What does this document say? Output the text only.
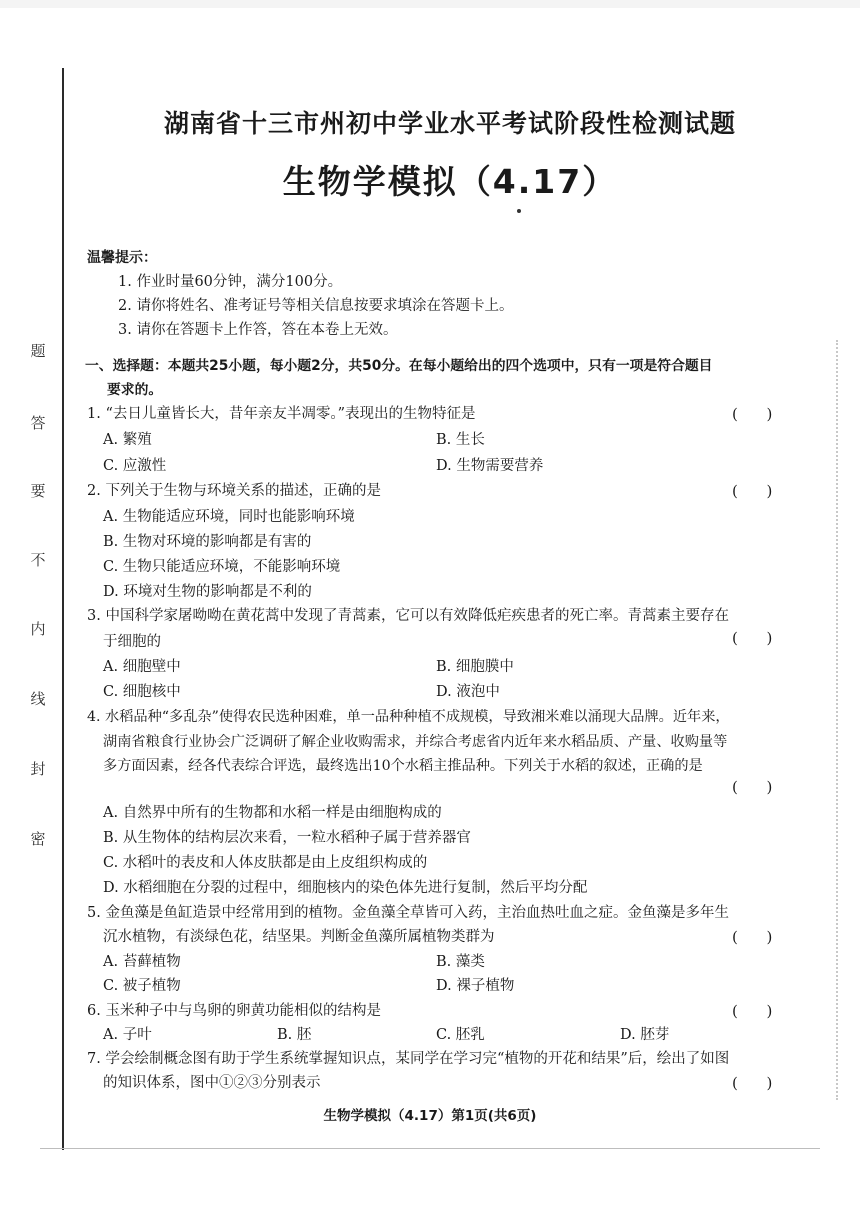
题
答
要
不
内
线
封
密
湖南省十三市州初中学业水平考试阶段性检测试题
生物学模拟（4.17）
温馨提示：
1. 作业时量60分钟，满分100分。
2. 请你将姓名、准考证号等相关信息按要求填涂在答题卡上。
3. 请你在答题卡上作答，答在本卷上无效。
一、选择题：本题共25小题，每小题2分，共50分。在每小题给出的四个选项中，只有一项是符合题目
要求的。
1. “去日儿童皆长大，昔年亲友半凋零。”表现出的生物特征是	(      )
A. 繁殖	B. 生长
C. 应激性	D. 生物需要营养
2. 下列关于生物与环境关系的描述，正确的是	(      )
A. 生物能适应环境，同时也能影响环境
B. 生物对环境的影响都是有害的
C. 生物只能适应环境，不能影响环境
D. 环境对生物的影响都是不利的
3. 中国科学家屠呦呦在黄花蒿中发现了青蒿素，它可以有效降低疟疾患者的死亡率。青蒿素主要存在
于细胞的	(      )
A. 细胞壁中	B. 细胞膜中
C. 细胞核中	D. 液泡中
4. 水稻品种“多乱杂”使得农民选种困难，单一品种种植不成规模，导致湘米难以涌现大品牌。近年来，
湖南省粮食行业协会广泛调研了解企业收购需求，并综合考虑省内近年来水稻品质、产量、收购量等
多方面因素，经各代表综合评选，最终选出10个水稻主推品种。下列关于水稻的叙述，正确的是
(      )
A. 自然界中所有的生物都和水稻一样是由细胞构成的
B. 从生物体的结构层次来看，一粒水稻种子属于营养器官
C. 水稻叶的表皮和人体皮肤都是由上皮组织构成的
D. 水稻细胞在分裂的过程中，细胞核内的染色体先进行复制，然后平均分配
5. 金鱼藻是鱼缸造景中经常用到的植物。金鱼藻全草皆可入药，主治血热吐血之症。金鱼藻是多年生
沉水植物，有淡绿色花，结坚果。判断金鱼藻所属植物类群为	(      )
A. 苔藓植物	B. 藻类
C. 被子植物	D. 裸子植物
6. 玉米种子中与鸟卵的卵黄功能相似的结构是	(      )
A. 子叶	B. 胚	C. 胚乳	D. 胚芽
7. 学会绘制概念图有助于学生系统掌握知识点，某同学在学习完“植物的开花和结果”后，绘出了如图
的知识体系，图中①②③分别表示	(      )
生物学模拟（4.17）第1页(共6页)
